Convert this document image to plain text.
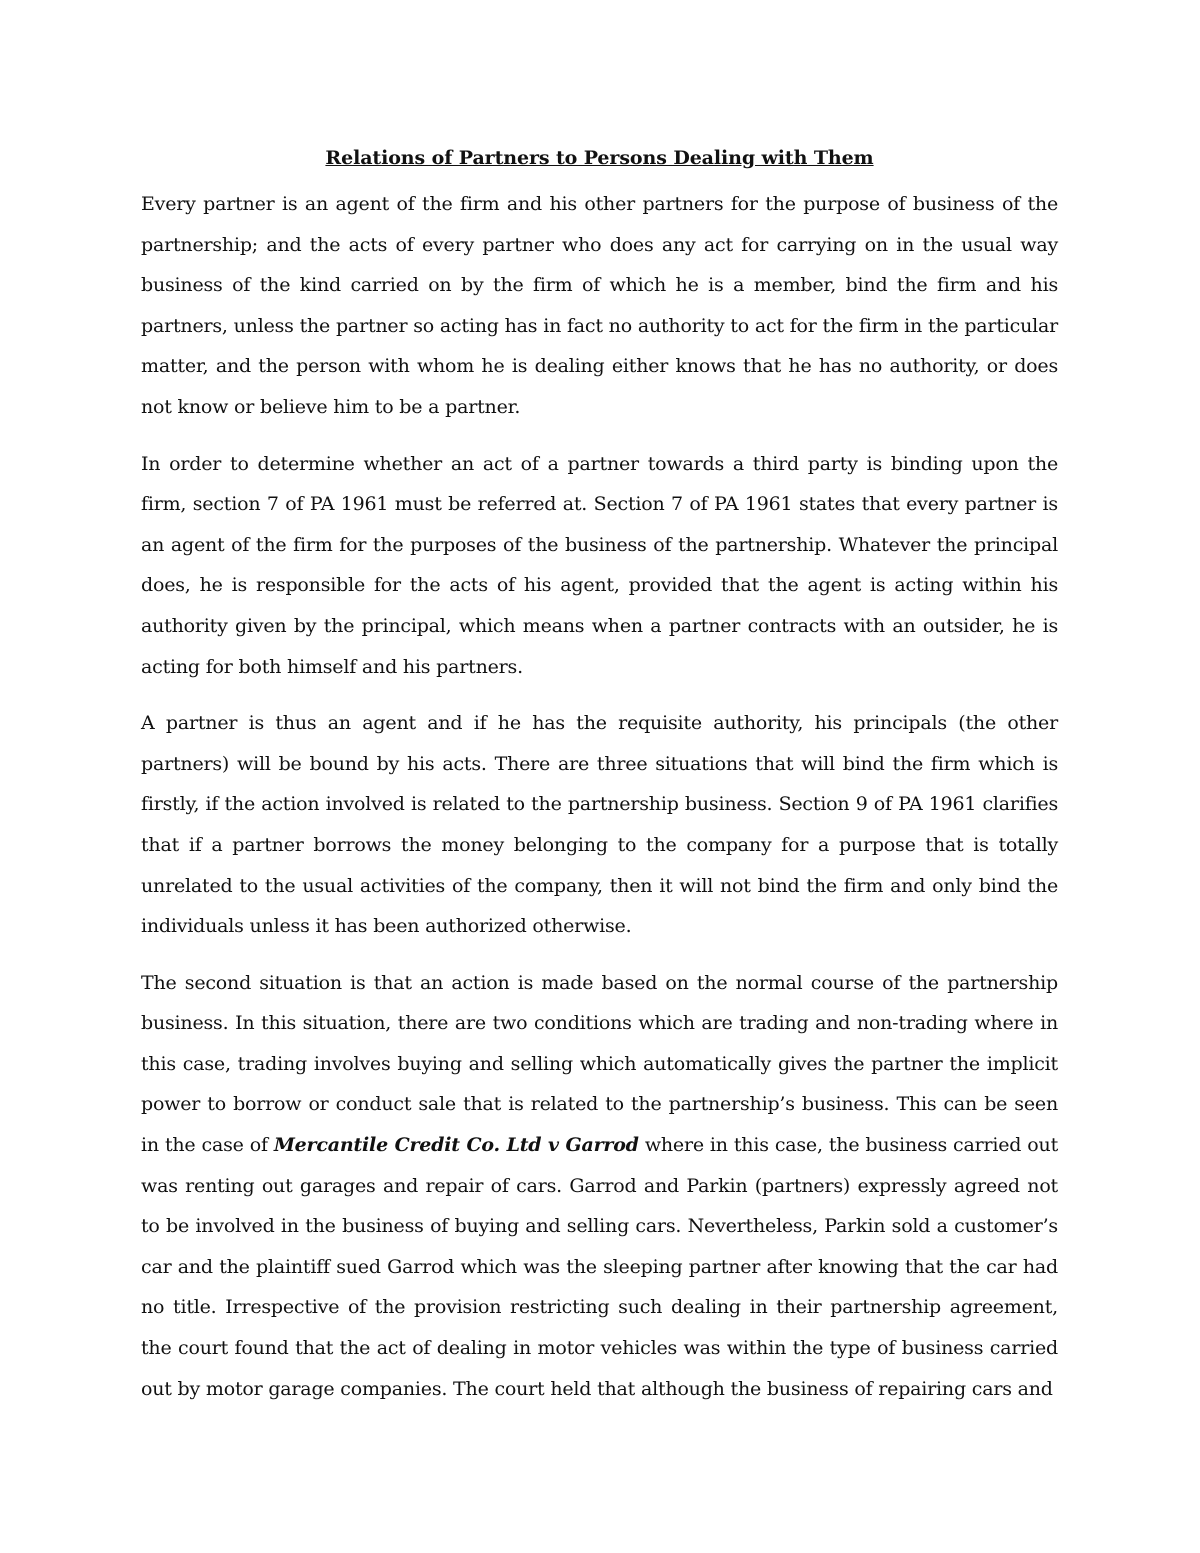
Relations of Partners to Persons Dealing with Them

Every partner is an agent of the firm and his other partners for the purpose of business of the partnership; and the acts of every partner who does any act for carrying on in the usual way business of the kind carried on by the firm of which he is a member, bind the firm and his partners, unless the partner so acting has in fact no authority to act for the firm in the particular matter, and the person with whom he is dealing either knows that he has no authority, or does not know or believe him to be a partner.

In order to determine whether an act of a partner towards a third party is binding upon the firm, section 7 of PA 1961 must be referred at. Section 7 of PA 1961 states that every partner is an agent of the firm for the purposes of the business of the partnership. Whatever the principal does, he is responsible for the acts of his agent, provided that the agent is acting within his authority given by the principal, which means when a partner contracts with an outsider, he is acting for both himself and his partners.

A partner is thus an agent and if he has the requisite authority, his principals (the other partners) will be bound by his acts. There are three situations that will bind the firm which is firstly, if the action involved is related to the partnership business. Section 9 of PA 1961 clarifies that if a partner borrows the money belonging to the company for a purpose that is totally unrelated to the usual activities of the company, then it will not bind the firm and only bind the individuals unless it has been authorized otherwise.

The second situation is that an action is made based on the normal course of the partnership business. In this situation, there are two conditions which are trading and non-trading where in this case, trading involves buying and selling which automatically gives the partner the implicit power to borrow or conduct sale that is related to the partnership’s business. This can be seen in the case of Mercantile Credit Co. Ltd v Garrod where in this case, the business carried out was renting out garages and repair of cars. Garrod and Parkin (partners) expressly agreed not to be involved in the business of buying and selling cars. Nevertheless, Parkin sold a customer’s car and the plaintiff sued Garrod which was the sleeping partner after knowing that the car had no title. Irrespective of the provision restricting such dealing in their partnership agreement, the court found that the act of dealing in motor vehicles was within the type of business carried out by motor garage companies. The court held that although the business of repairing cars and
